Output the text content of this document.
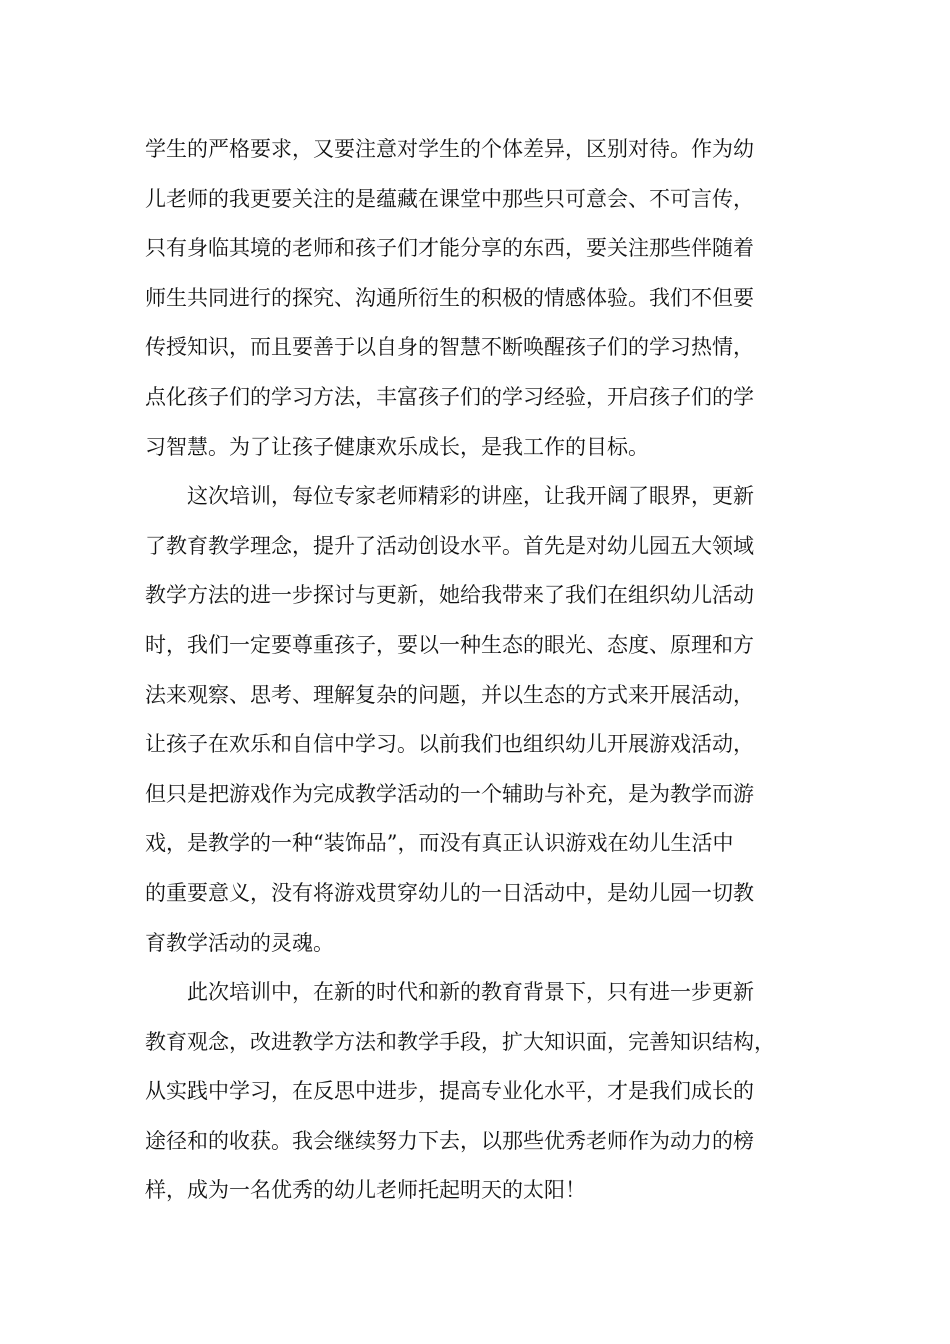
学生的严格要求，又要注意对学生的个体差异，区别对待。作为幼
儿老师的我更要关注的是蕴藏在课堂中那些只可意会、不可言传，
只有身临其境的老师和孩子们才能分享的东西，要关注那些伴随着
师生共同进行的探究、沟通所衍生的积极的情感体验。我们不但要
传授知识，而且要善于以自身的智慧不断唤醒孩子们的学习热情，
点化孩子们的学习方法，丰富孩子们的学习经验，开启孩子们的学
习智慧。为了让孩子健康欢乐成长，是我工作的目标。
这次培训，每位专家老师精彩的讲座，让我开阔了眼界，更新
了教育教学理念，提升了活动创设水平。首先是对幼儿园五大领域
教学方法的进一步探讨与更新，她给我带来了我们在组织幼儿活动
时，我们一定要尊重孩子，要以一种生态的眼光、态度、原理和方
法来观察、思考、理解复杂的问题，并以生态的方式来开展活动，
让孩子在欢乐和自信中学习。以前我们也组织幼儿开展游戏活动，
但只是把游戏作为完成教学活动的一个辅助与补充，是为教学而游
戏，是教学的一种“装饰品”，而没有真正认识游戏在幼儿生活中
的重要意义，没有将游戏贯穿幼儿的一日活动中，是幼儿园一切教
育教学活动的灵魂。
此次培训中，在新的时代和新的教育背景下，只有进一步更新
教育观念，改进教学方法和教学手段，扩大知识面，完善知识结构，
从实践中学习，在反思中进步，提高专业化水平，才是我们成长的
途径和的收获。我会继续努力下去，以那些优秀老师作为动力的榜
样，成为一名优秀的幼儿老师托起明天的太阳！
